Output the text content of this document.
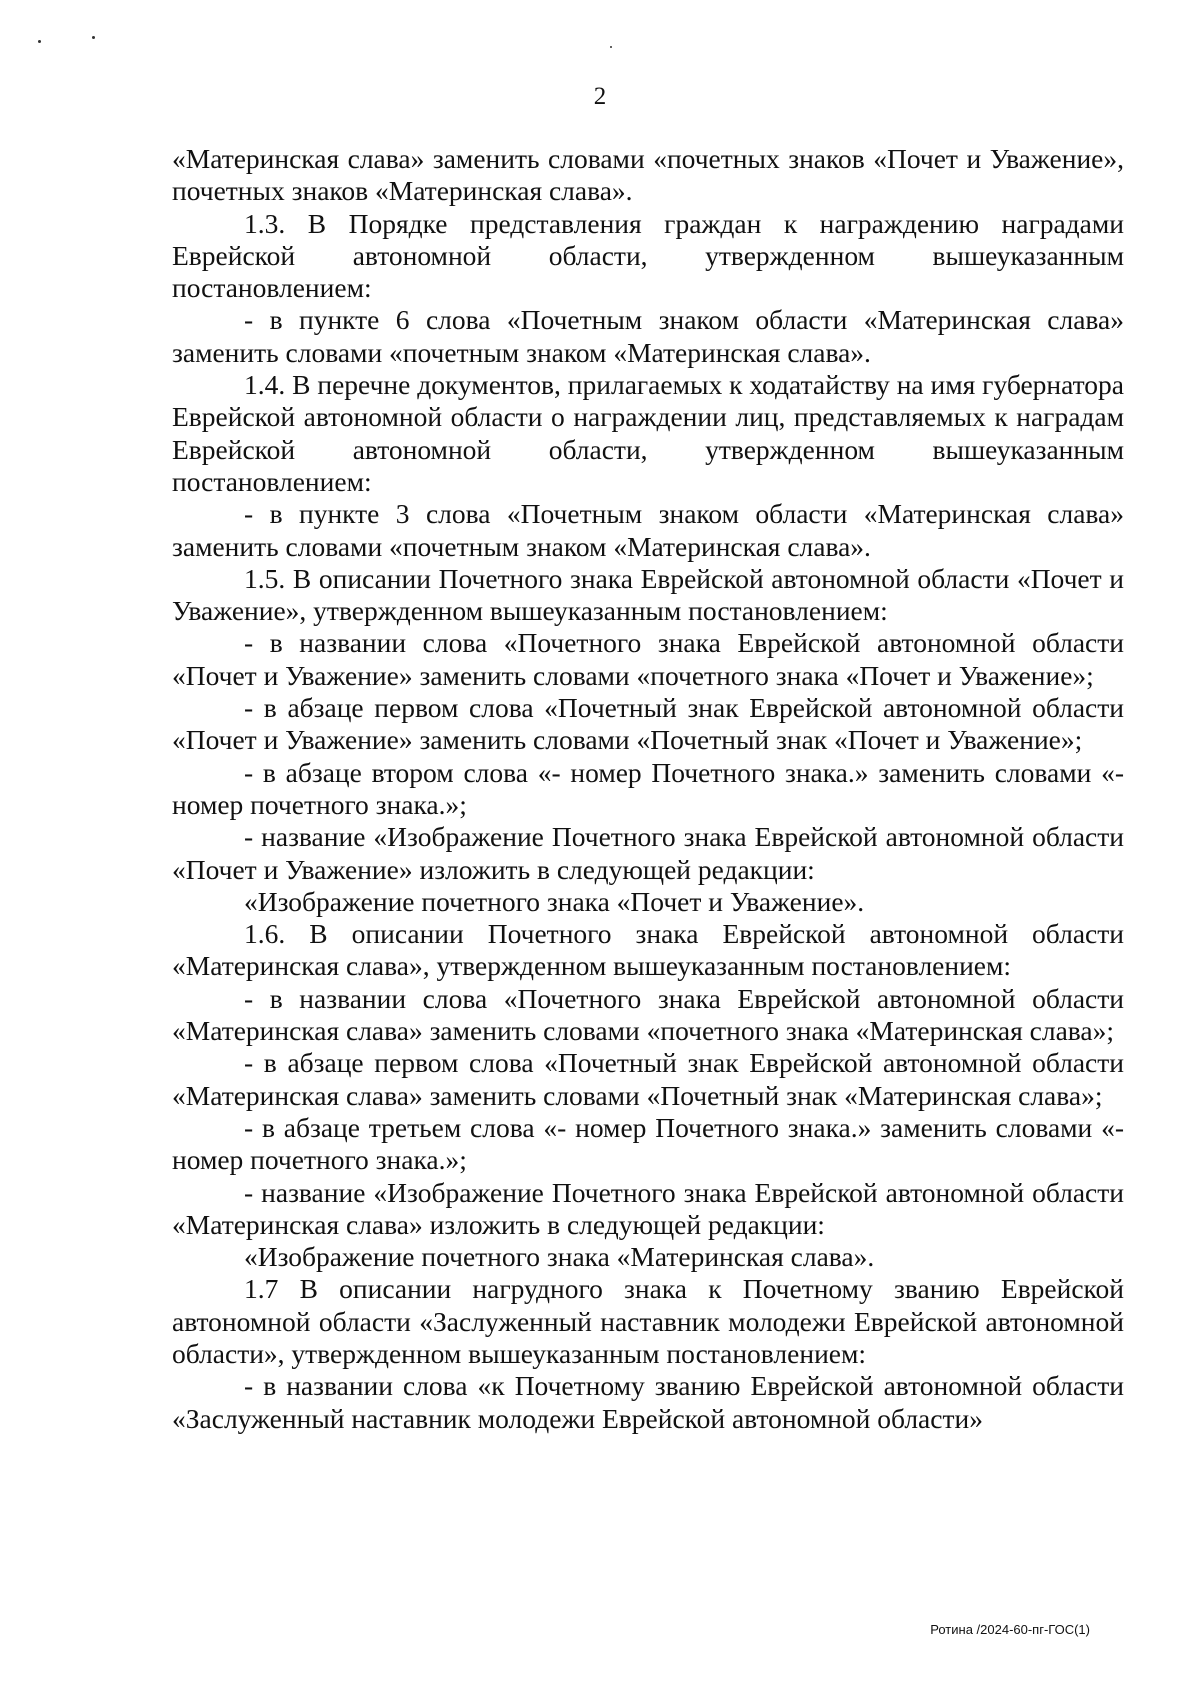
2

«Материнская слава» заменить словами «почетных знаков «Почет и Уважение», почетных знаков «Материнская слава».

1.3. В Порядке представления граждан к награждению наградами Еврейской автономной области, утвержденном вышеуказанным постановлением:

- в пункте 6 слова «Почетным знаком области «Материнская слава» заменить словами «почетным знаком «Материнская слава».

1.4. В перечне документов, прилагаемых к ходатайству на имя губернатора Еврейской автономной области о награждении лиц, представляемых к наградам Еврейской автономной области, утвержденном вышеуказанным постановлением:

- в пункте 3 слова «Почетным знаком области «Материнская слава» заменить словами «почетным знаком «Материнская слава».

1.5. В описании Почетного знака Еврейской автономной области «Почет и Уважение», утвержденном вышеуказанным постановлением:

- в названии слова «Почетного знака Еврейской автономной области «Почет и Уважение» заменить словами «почетного знака «Почет и Уважение»;

- в абзаце первом слова «Почетный знак Еврейской автономной области «Почет и Уважение» заменить словами «Почетный знак «Почет и Уважение»;

- в абзаце втором слова «- номер Почетного знака.» заменить словами «- номер почетного знака.»;

- название «Изображение Почетного знака Еврейской автономной области «Почет и Уважение» изложить в следующей редакции:

«Изображение почетного знака «Почет и Уважение».

1.6. В описании Почетного знака Еврейской автономной области «Материнская слава», утвержденном вышеуказанным постановлением:

- в названии слова «Почетного знака Еврейской автономной области «Материнская слава» заменить словами «почетного знака «Материнская слава»;

- в абзаце первом слова «Почетный знак Еврейской автономной области «Материнская слава» заменить словами «Почетный знак «Материнская слава»;

- в абзаце третьем слова «- номер Почетного знака.» заменить словами «- номер почетного знака.»;

- название «Изображение Почетного знака Еврейской автономной области «Материнская слава» изложить в следующей редакции:

«Изображение почетного знака «Материнская слава».

1.7 В описании нагрудного знака к Почетному званию Еврейской автономной области «Заслуженный наставник молодежи Еврейской автономной области», утвержденном вышеуказанным постановлением:

- в названии слова «к Почетному званию Еврейской автономной области «Заслуженный наставник молодежи Еврейской автономной области»

Ротина /2024-60-пг-ГОС(1)
